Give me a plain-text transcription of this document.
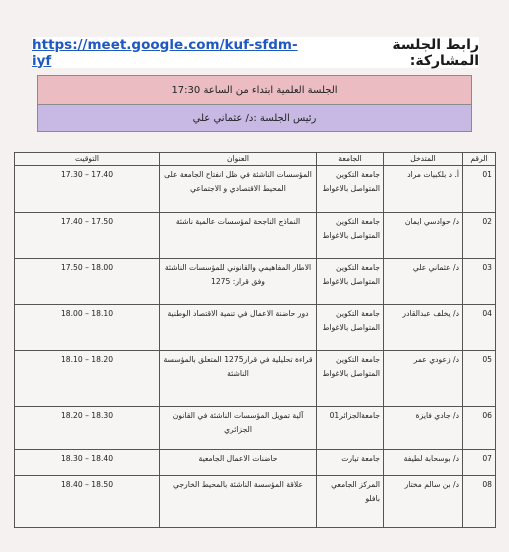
رابط الجلسة المشاركة:
https://meet.google.com/kuf-sfdm-iyf
الجلسة العلمية ابتداء من الساعة 17:30
رئيس الجلسة :د/ عثماني علي
الرقم	المتدخل	الجامعة	العنوان	التوقيت
01	أ. د بلكبيات مراد	جامعة التكوين المتواصل بالاغواط	المؤسسات الناشئة في ظل انفتاح الجامعة على المحيط الاقتصادي و الاجتماعي	17.30 – 17.40
02	د/ حوادسي ايمان	جامعة التكوين المتواصل بالاغواط	النماذج الناجحة لمؤسسات عالمية ناشئة	17.40 – 17.50
03	د/ عثماني علي	جامعة التكوين المتواصل بالاغواط	الاطار المفاهيمي والقانوني للمؤسسات الناشئة وفق قرار: 1275	17.50 – 18.00
04	د/ يخلف عبدالقادر	جامعة التكوين المتواصل بالاغواط	دور حاضنة الاعمال في تنمية الاقتصاد الوطنية	18.00 – 18.10
05	د/ زعودي عمر	جامعة التكوين المتواصل بالاغواط	قراءة تحليلية في قرار1275 المتعلق بالمؤسسة الناشئة	18.10 – 18.20
06	د/ جادي فايزة	جامعةالجزائر01	آلية تمويل المؤسسات الناشئة في القانون الجزائري	18.20 – 18.30
07	د/ بوسحابة لطيفة	جامعة تيارت	حاضنات الاعمال الجامعية	18.30 – 18.40
08	د/ بن سالم مختار	المركز الجامعي بافلو	علاقة المؤسسة الناشئة بالمحيط الخارجي	18.40 – 18.50
